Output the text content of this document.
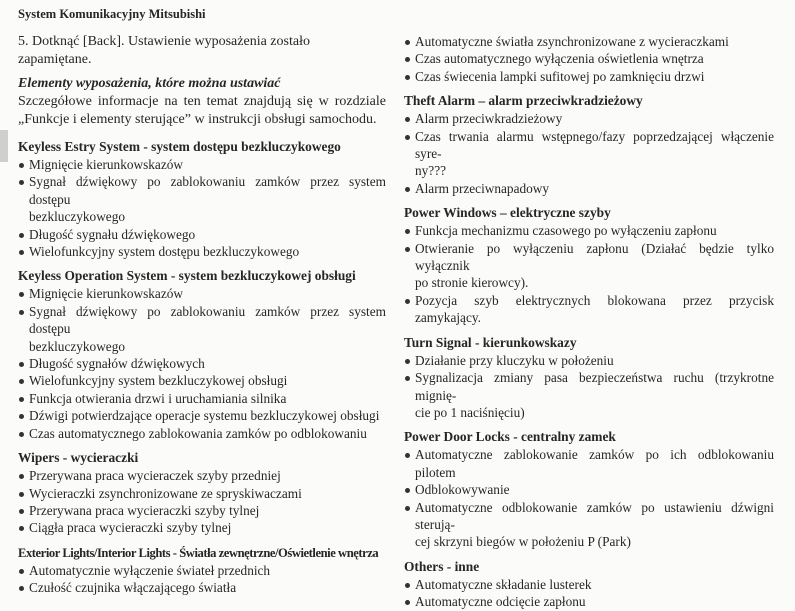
System Komunikacyjny Mitsubishi
5. Dotknąć [Back]. Ustawienie wyposażenia zostało zapamiętane.
Elementy wyposażenia, które można ustawiać
Szczegółowe informacje na ten temat znajdują się w rozdziale
„Funkcje i elementy sterujące” w instrukcji obsługi samochodu.
Keyless Estry System - system dostępu bezkluczykowego
Mignięcie kierunkowskazów
Sygnał dźwiękowy po zablokowaniu zamków przez system dostępu
bezkluczykowego
Długość sygnału dźwiękowego
Wielofunkcyjny system dostępu bezkluczykowego
Keyless Operation System - system bezkluczykowej obsługi
Mignięcie kierunkowskazów
Sygnał dźwiękowy po zablokowaniu zamków przez system dostępu
bezkluczykowego
Długość sygnałów dźwiękowych
Wielofunkcyjny system bezkluczykowej obsługi
Funkcja otwierania drzwi i uruchamiania silnika
Dźwigi potwierdzające operacje systemu bezkluczykowej obsługi
Czas automatycznego zablokowania zamków po odblokowaniu
Wipers - wycieraczki
Przerywana praca wycieraczek szyby przedniej
Wycieraczki zsynchronizowane ze spryskiwaczami
Przerywana praca wycieraczki szyby tylnej
Ciągła praca wycieraczki szyby tylnej
Exterior Lights/Interior Lights - Światła zewnętrzne/Oświetlenie wnętrza
Automatycznie wyłączenie świateł przednich
Czułość czujnika włączającego światła
Automatyczne światła zsynchronizowane z wycieraczkami
Czas automatycznego wyłączenia oświetlenia wnętrza
Czas świecenia lampki sufitowej po zamknięciu drzwi
Theft Alarm – alarm przeciwkradzieżowy
Alarm przeciwkradzieżowy
Czas trwania alarmu wstępnego/fazy poprzedzającej włączenie syre-
ny???
Alarm przeciwnapadowy
Power Windows – elektryczne szyby
Funkcja mechanizmu czasowego po wyłączeniu zapłonu
Otwieranie po wyłączeniu zapłonu (Działać będzie tylko wyłącznik
po stronie kierowcy).
Pozycja szyb elektrycznych blokowana przez przycisk zamykający.
Turn Signal - kierunkowskazy
Działanie przy kluczyku w położeniu
Sygnalizacja zmiany pasa bezpieczeństwa ruchu (trzykrotne mignię-
cie po 1 naciśnięciu)
Power Door Locks - centralny zamek
Automatyczne zablokowanie zamków po ich odblokowaniu pilotem
Odblokowywanie
Automatyczne odblokowanie zamków po ustawieniu dźwigni sterują-
cej skrzyni biegów w położeniu P (Park)
Others - inne
Automatyczne składanie lusterek
Automatyczne odcięcie zapłonu
